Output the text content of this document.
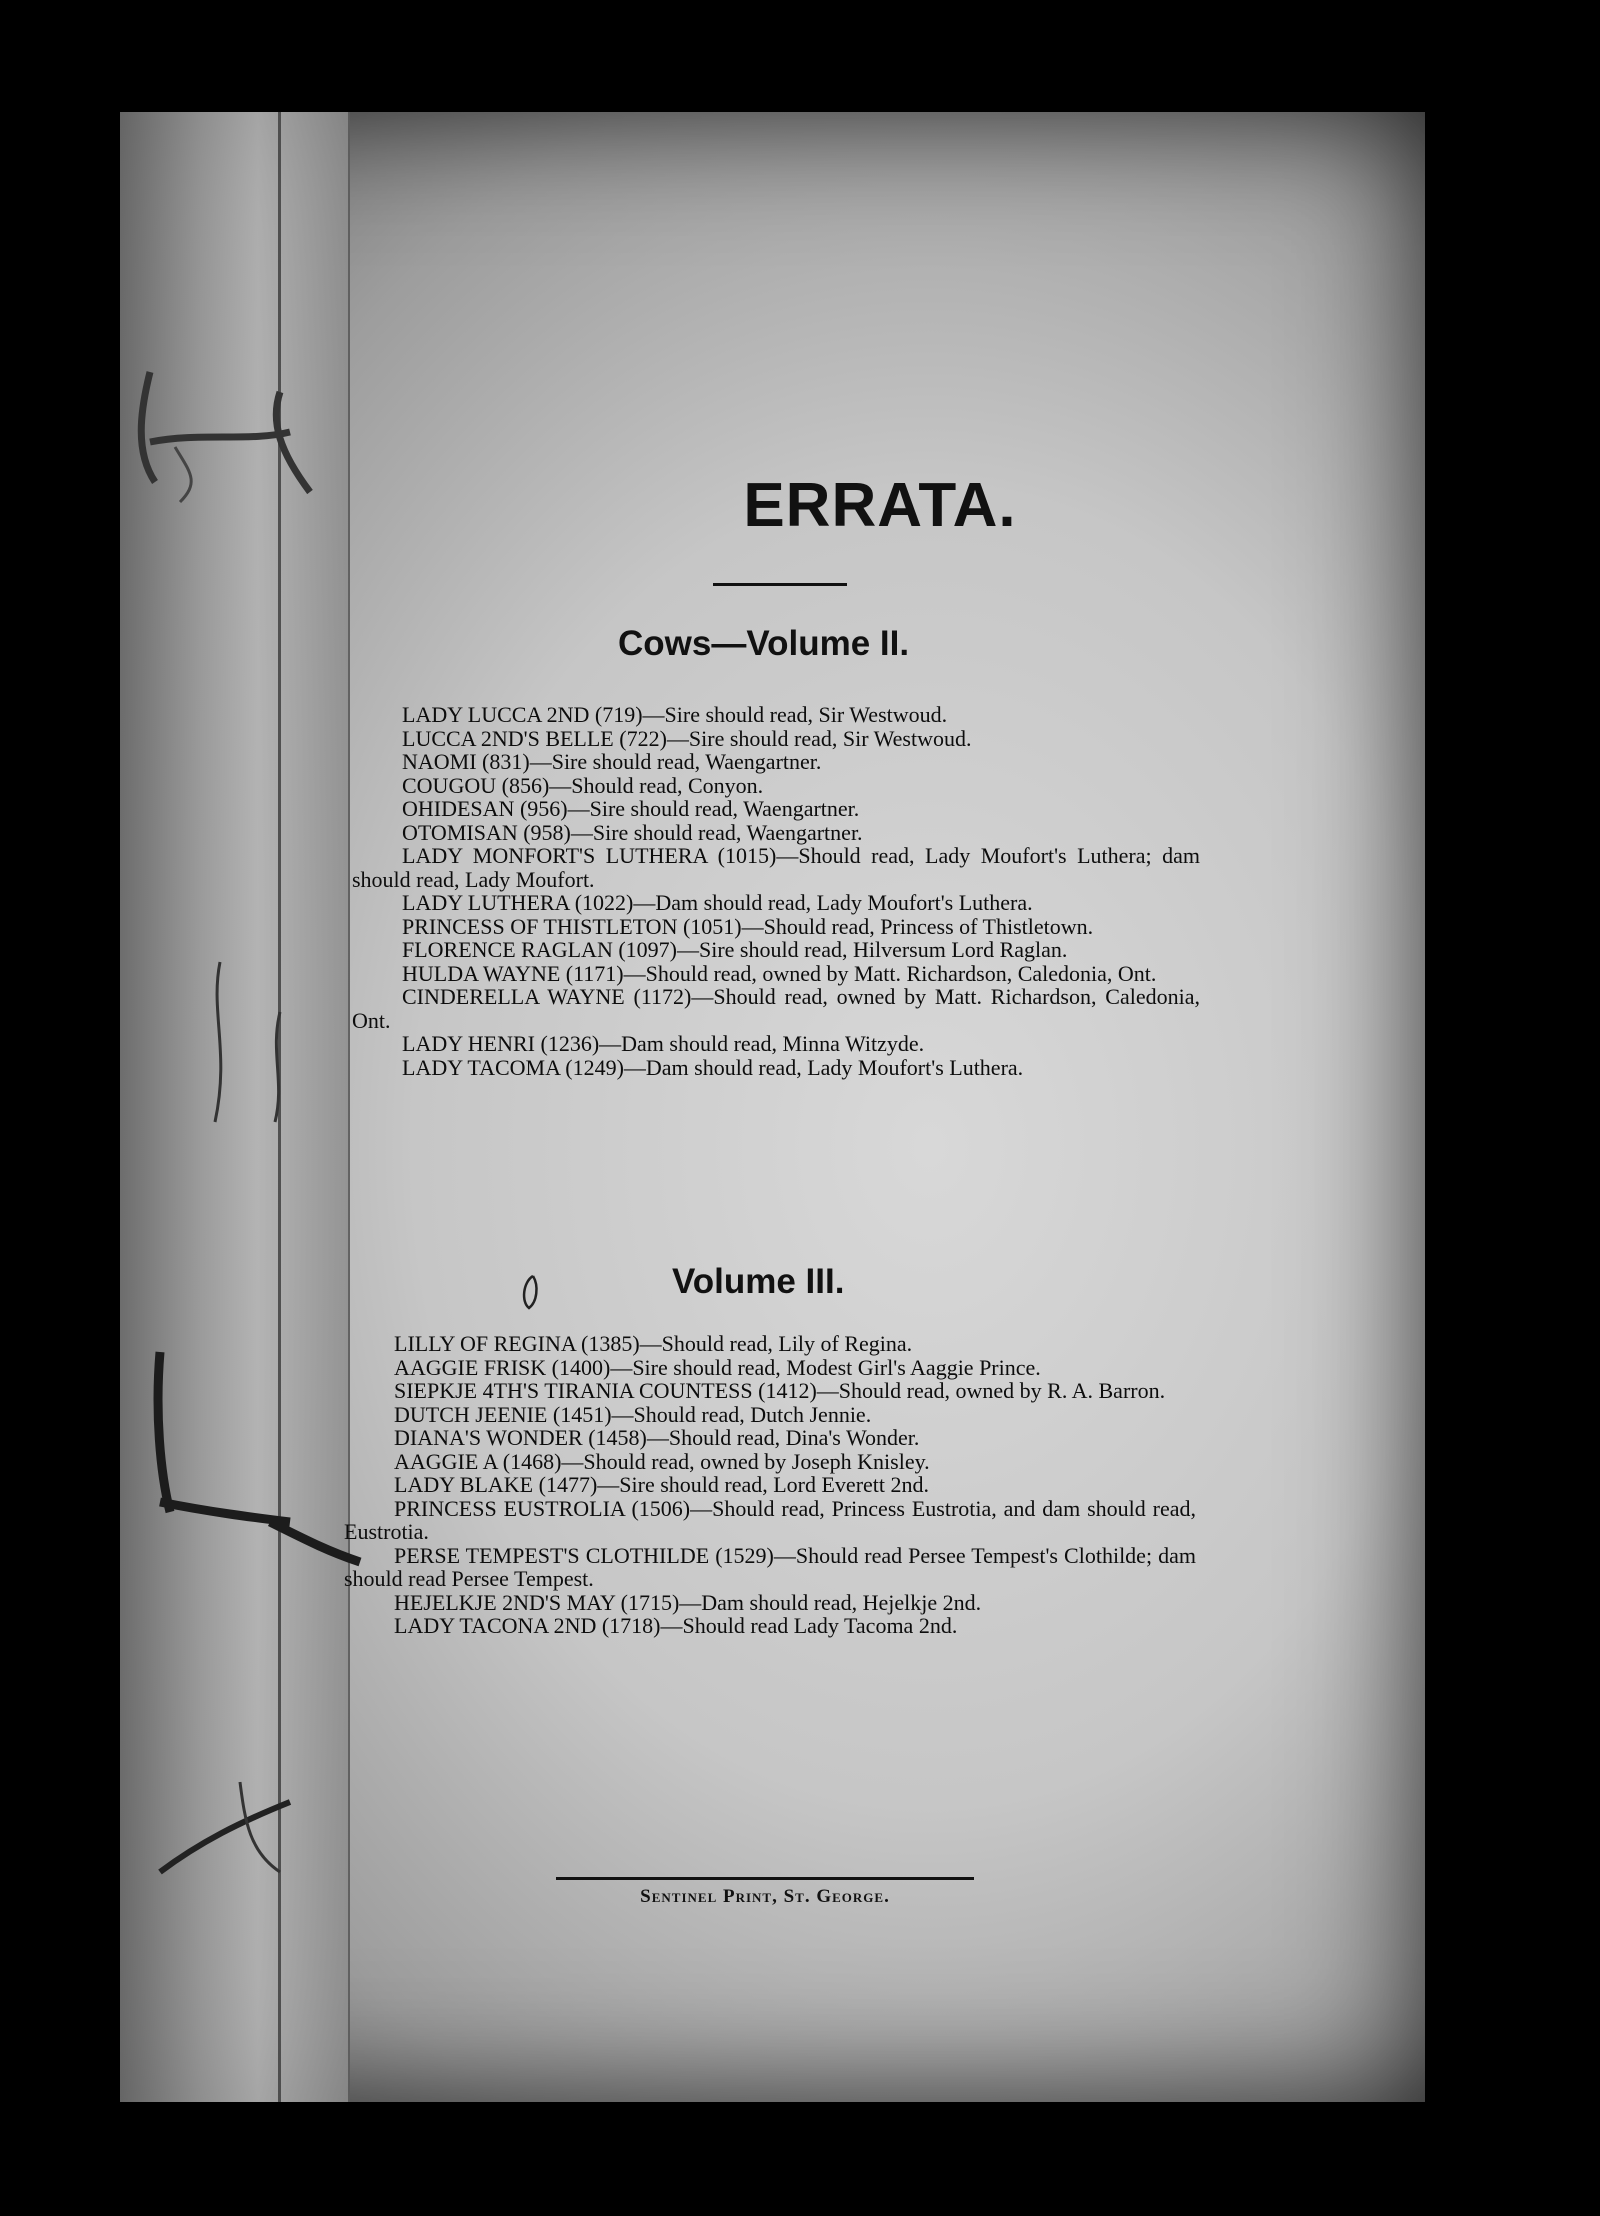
ERRATA.
Cows—Volume II.

LADY LUCCA 2ND (719)—Sire should read, Sir Westwoud.

LUCCA 2ND'S BELLE (722)—Sire should read, Sir Westwoud.

NAOMI (831)—Sire should read, Waengartner.

COUGOU (856)—Should read, Conyon.

OHIDESAN (956)—Sire should read, Waengartner.

OTOMISAN (958)—Sire should read, Waengartner.

LADY MONFORT'S LUTHERA (1015)—Should read, Lady Moufort's Luthera; dam should read, Lady Moufort.

LADY LUTHERA (1022)—Dam should read, Lady Moufort's Luthera.

PRINCESS OF THISTLETON (1051)—Should read, Princess of Thistletown.

FLORENCE RAGLAN (1097)—Sire should read, Hilversum Lord Raglan.

HULDA WAYNE (1171)—Should read, owned by Matt. Richardson, Caledonia, Ont.

CINDERELLA WAYNE (1172)—Should read, owned by Matt. Richardson, Caledonia, Ont.

LADY HENRI (1236)—Dam should read, Minna Witzyde.

LADY TACOMA (1249)—Dam should read, Lady Moufort's Luthera.

Volume III.

LILLY OF REGINA (1385)—Should read, Lily of Regina.

AAGGIE FRISK (1400)—Sire should read, Modest Girl's Aaggie Prince.

SIEPKJE 4TH'S TIRANIA COUNTESS (1412)—Should read, owned by R. A. Barron.

DUTCH JEENIE (1451)—Should read, Dutch Jennie.

DIANA'S WONDER (1458)—Should read, Dina's Wonder.

AAGGIE A (1468)—Should read, owned by Joseph Knisley.

LADY BLAKE (1477)—Sire should read, Lord Everett 2nd.

PRINCESS EUSTROLIA (1506)—Should read, Princess Eustrotia, and dam should read, Eustrotia.

PERSE TEMPEST'S CLOTHILDE (1529)—Should read Persee Tempest's Clothilde; dam should read Persee Tempest.

HEJELKJE 2ND'S MAY (1715)—Dam should read, Hejelkje 2nd.

LADY TACONA 2ND (1718)—Should read Lady Tacoma 2nd.

Sentinel Print, St. George.
